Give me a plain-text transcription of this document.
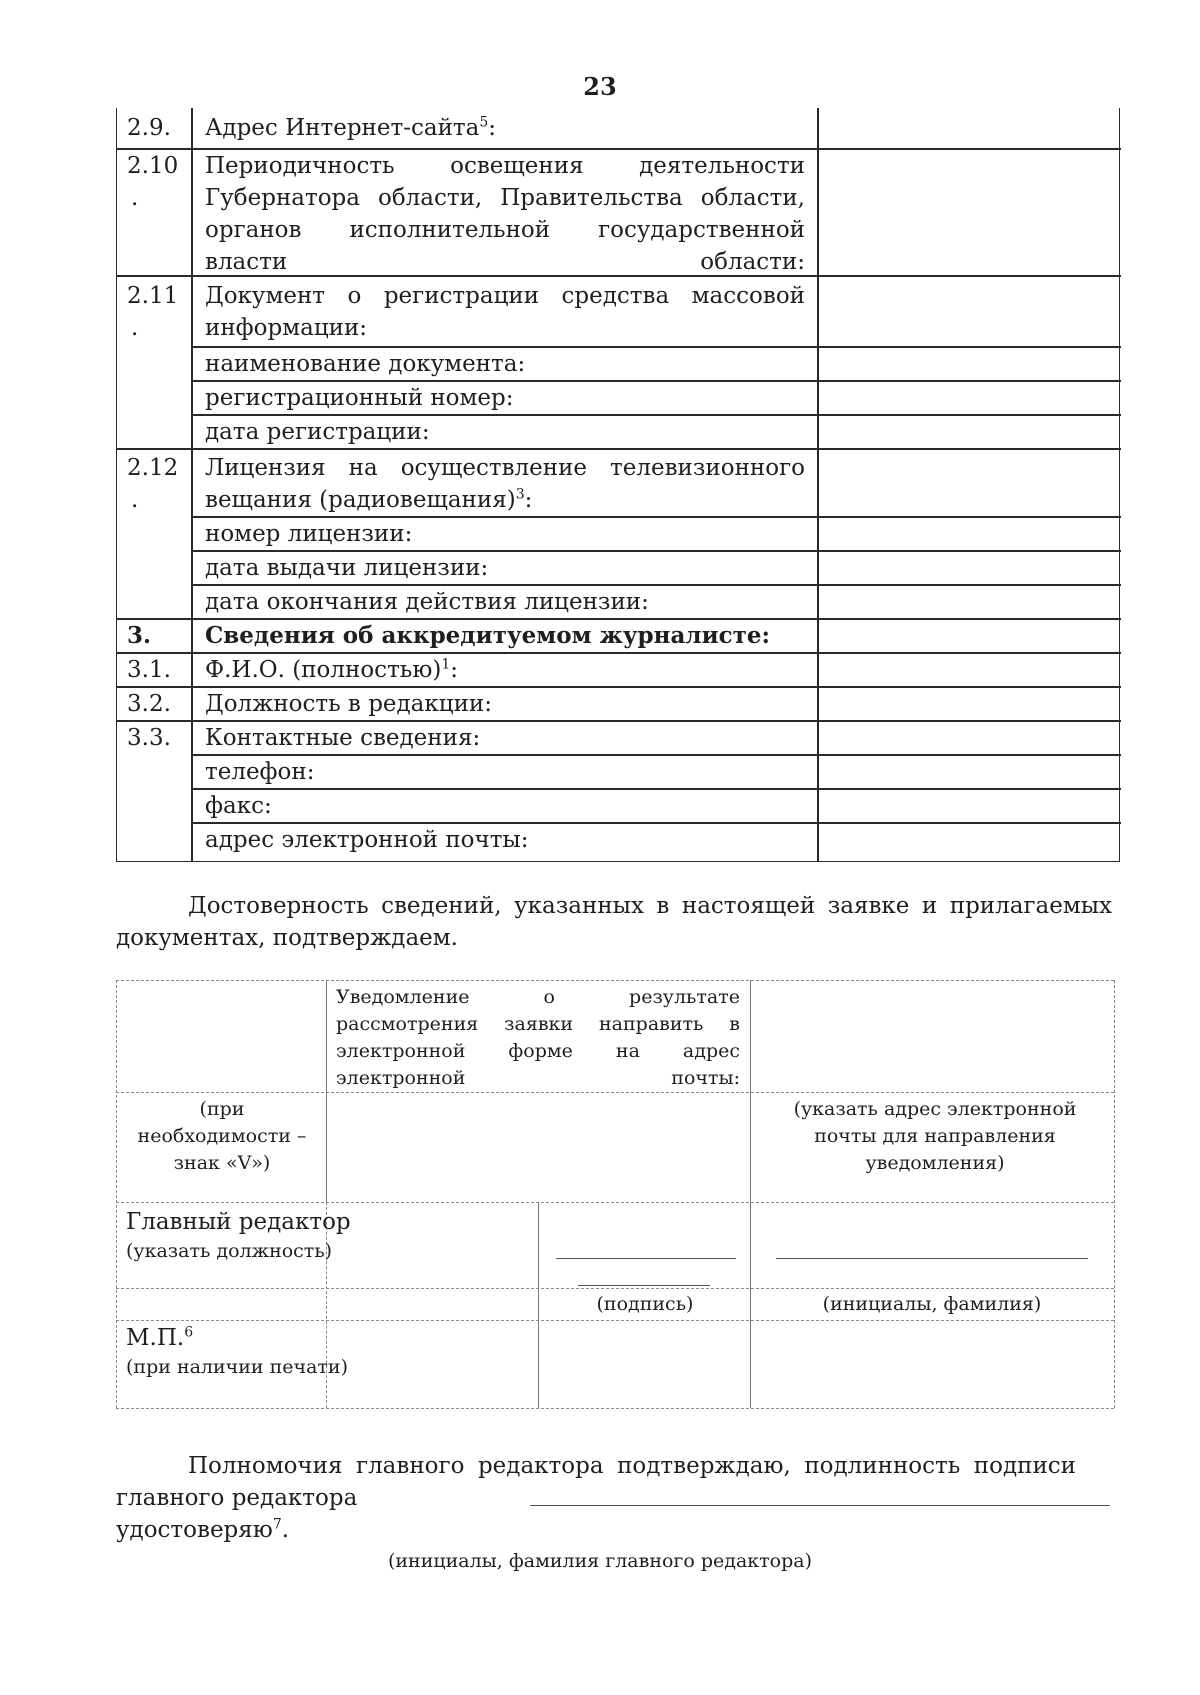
23
2.9. Адрес Интернет-сайта$^5$:
2.10
.
Периодичность освещения деятельности Губернатора области, Правительства области, органов исполнительной государственной власти области:
2.11
.
Документ о регистрации средства массовой информации:
наименование документа:
регистрационный номер:
дата регистрации:
2.12
.
Лицензия на осуществление телевизионного вещания (радиовещания)$^3$:
номер лицензии:
дата выдачи лицензии:
дата окончания действия лицензии:
3. Сведения об аккредитуемом журналисте:
3.1. Ф.И.О. (полностью)$^1$:
3.2. Должность в редакции:
3.3. Контактные сведения:
телефон:
факс:
адрес электронной почты:
Достоверность сведений, указанных в настоящей заявке и прилагаемых документах, подтверждаем.
Уведомление о результате рассмотрения заявки направить в электронной форме на адрес электронной почты:
(при необходимости – знак «V»)
(указать адрес электронной почты для направления уведомления)
Главный редактор
(указать должность)
(подпись)	(инициалы, фамилия)
М.П.$^6$
(при наличии печати)
Полномочия главного редактора подтверждаю, подлинность подписи главного редактора
удостоверяю$^7$.
(инициалы, фамилия главного редактора)
